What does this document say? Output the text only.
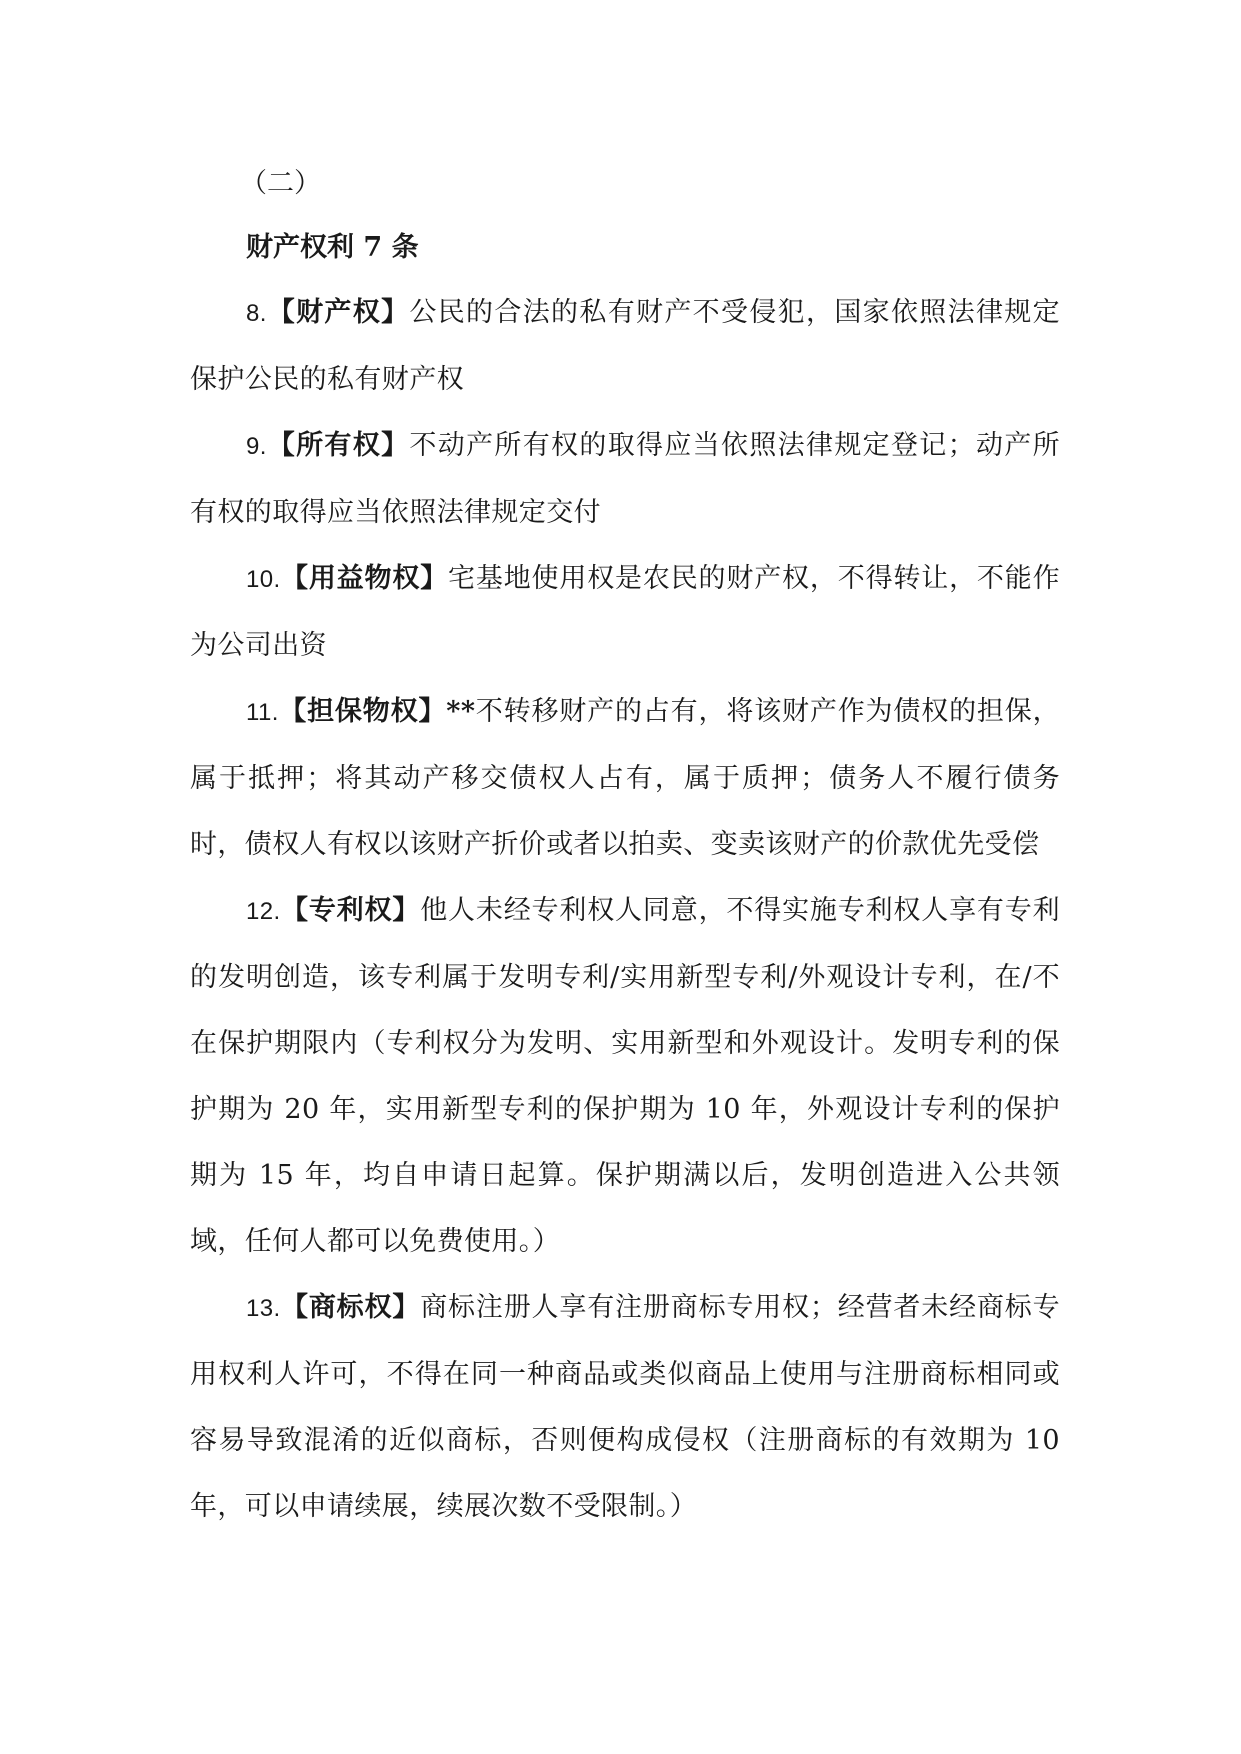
（二）

财产权利 7 条

8.【财产权】公民的合法的私有财产不受侵犯，国家依照法律规定保护公民的私有财产权

9.【所有权】不动产所有权的取得应当依照法律规定登记；动产所有权的取得应当依照法律规定交付

10.【用益物权】宅基地使用权是农民的财产权，不得转让，不能作为公司出资

11.【担保物权】**不转移财产的占有，将该财产作为债权的担保，属于抵押；将其动产移交债权人占有，属于质押；债务人不履行债务时，债权人有权以该财产折价或者以拍卖、变卖该财产的价款优先受偿

12.【专利权】他人未经专利权人同意，不得实施专利权人享有专利的发明创造，该专利属于发明专利/实用新型专利/外观设计专利，在/不在保护期限内（专利权分为发明、实用新型和外观设计。发明专利的保护期为 20 年，实用新型专利的保护期为 10 年，外观设计专利的保护期为 15 年，均自申请日起算。保护期满以后，发明创造进入公共领域，任何人都可以免费使用。）

13.【商标权】商标注册人享有注册商标专用权；经营者未经商标专用权利人许可，不得在同一种商品或类似商品上使用与注册商标相同或容易导致混淆的近似商标，否则便构成侵权（注册商标的有效期为 10 年，可以申请续展，续展次数不受限制。）
